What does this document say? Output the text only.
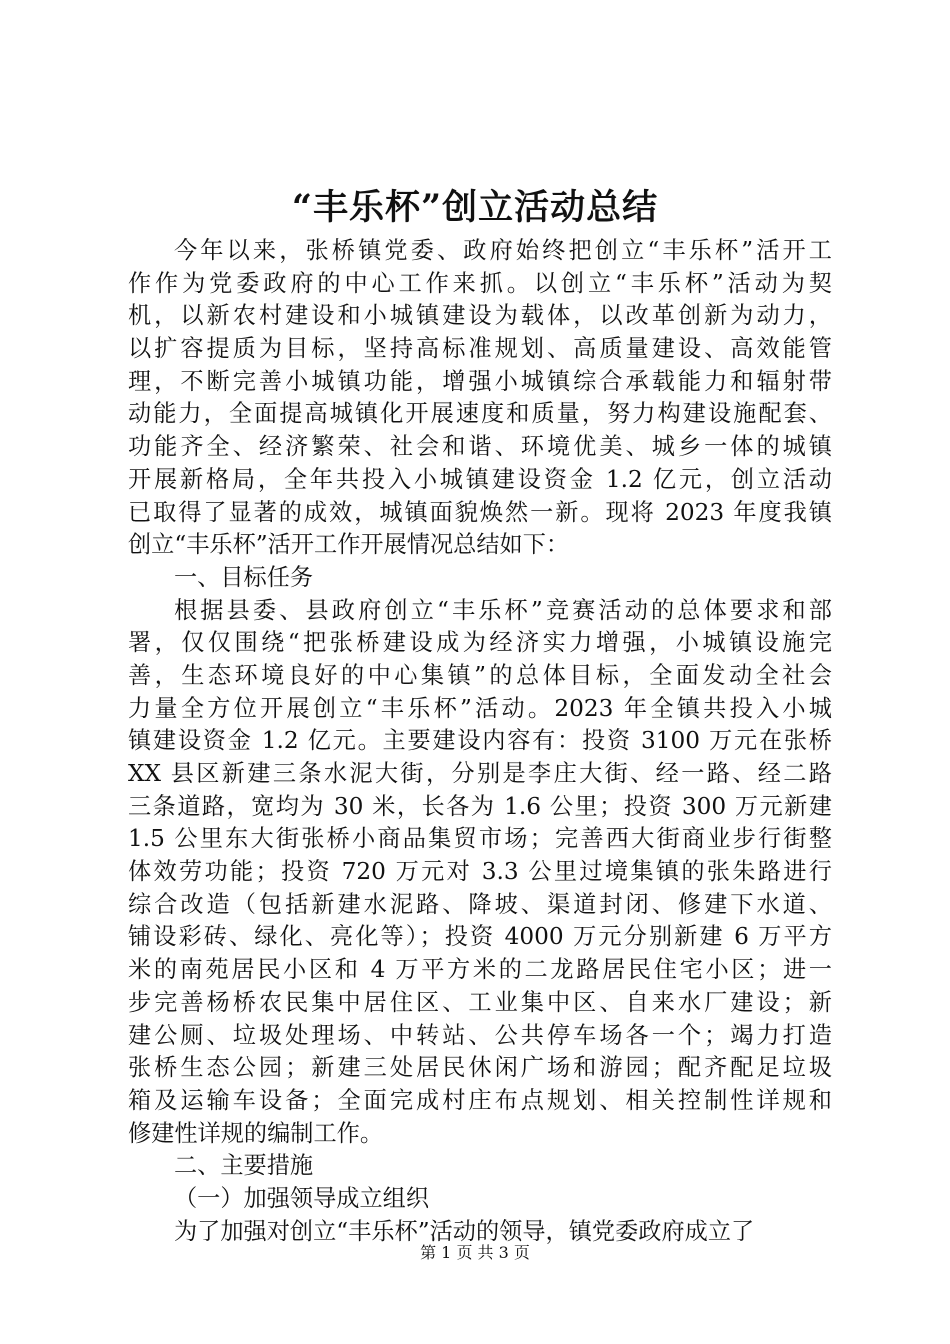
“丰乐杯”创立活动总结
今年以来，张桥镇党委、政府始终把创立“丰乐杯”活开工
作作为党委政府的中心工作来抓。以创立“丰乐杯”活动为契
机，以新农村建设和小城镇建设为载体，以改革创新为动力，
以扩容提质为目标，坚持高标准规划、高质量建设、高效能管
理，不断完善小城镇功能，增强小城镇综合承载能力和辐射带
动能力，全面提高城镇化开展速度和质量，努力构建设施配套、
功能齐全、经济繁荣、社会和谐、环境优美、城乡一体的城镇
开展新格局，全年共投入小城镇建设资金 1.2 亿元，创立活动
已取得了显著的成效，城镇面貌焕然一新。现将 2023 年度我镇
创立“丰乐杯”活开工作开展情况总结如下：
一、目标任务
根据县委、县政府创立“丰乐杯”竞赛活动的总体要求和部
署，仅仅围绕“把张桥建设成为经济实力增强，小城镇设施完
善，生态环境良好的中心集镇”的总体目标，全面发动全社会
力量全方位开展创立“丰乐杯”活动。2023 年全镇共投入小城
镇建设资金 1.2 亿元。主要建设内容有：投资 3100 万元在张桥
XX 县区新建三条水泥大街，分别是李庄大街、经一路、经二路
三条道路，宽均为 30 米，长各为 1.6 公里；投资 300 万元新建
1.5 公里东大街张桥小商品集贸市场；完善西大街商业步行街整
体效劳功能；投资 720 万元对 3.3 公里过境集镇的张朱路进行
综合改造（包括新建水泥路、降坡、渠道封闭、修建下水道、
铺设彩砖、绿化、亮化等）；投资 4000 万元分别新建 6 万平方
米的南苑居民小区和 4 万平方米的二龙路居民住宅小区；进一
步完善杨桥农民集中居住区、工业集中区、自来水厂建设；新
建公厕、垃圾处理场、中转站、公共停车场各一个；竭力打造
张桥生态公园；新建三处居民休闲广场和游园；配齐配足垃圾
箱及运输车设备；全面完成村庄布点规划、相关控制性详规和
修建性详规的编制工作。
二、主要措施
（一）加强领导成立组织
为了加强对创立“丰乐杯”活动的领导，镇党委政府成立了
第 1 页 共 3 页
